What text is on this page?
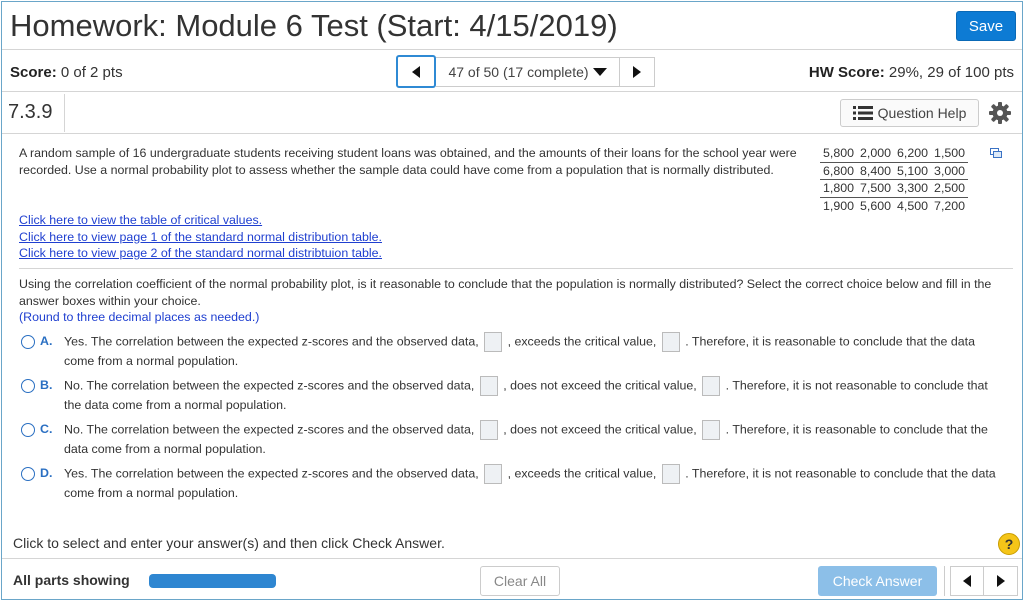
Homework: Module 6 Test (Start: 4/15/2019)	Save
Score: 0 of 2 pts	47 of 50 (17 complete)	HW Score: 29%, 29 of 100 pts
7.3.9	Question Help
A random sample of 16 undergraduate students receiving student loans was obtained, and the amounts of their loans for the school year were recorded. Use a normal probability plot to assess whether the sample data could have come from a population that is normally distributed.
5,800	2,000	6,200	1,500
6,800	8,400	5,100	3,000
1,800	7,500	3,300	2,500
1,900	5,600	4,500	7,200
Click here to view the table of critical values.
Click here to view page 1 of the standard normal distribution table.
Click here to view page 2 of the standard normal distribtuion table.
Using the correlation coefficient of the normal probability plot, is it reasonable to conclude that the population is normally distributed? Select the correct choice below and fill in the answer boxes within your choice.
(Round to three decimal places as needed.)
A. Yes. The correlation between the expected z-scores and the observed data, , exceeds the critical value, . Therefore, it is reasonable to conclude that the data come from a normal population.
B. No. The correlation between the expected z-scores and the observed data, , does not exceed the critical value, . Therefore, it is not reasonable to conclude that the data come from a normal population.
C. No. The correlation between the expected z-scores and the observed data, , does not exceed the critical value, . Therefore, it is reasonable to conclude that the data come from a normal population.
D. Yes. The correlation between the expected z-scores and the observed data, , exceeds the critical value, . Therefore, it is not reasonable to conclude that the data come from a normal population.
Click to select and enter your answer(s) and then click Check Answer.	?
All parts showing	Clear All	Check Answer
